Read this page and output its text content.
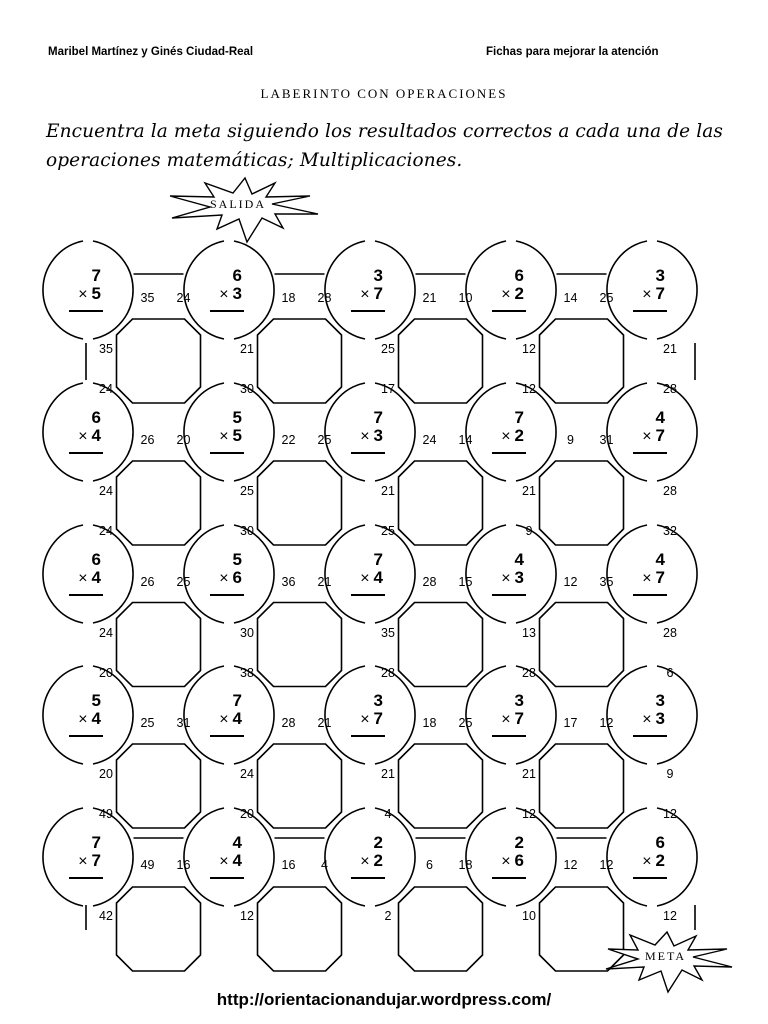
Maribel Martínez y Ginés Ciudad-Real	Fichas para mejorar la atención
LABERINTO CON OPERACIONES
Encuentra la meta siguiendo los resultados correctos a cada una de las
operaciones matemáticas; Multiplicaciones.
SALIDA
META
7
× 5
6
× 3
3
× 7
6
× 2
3
× 7
6
× 4
5
× 5
7
× 3
7
× 2
4
× 7
6
× 4
5
× 6
7
× 4
4
× 3
4
× 7
5
× 4
7
× 4
3
× 7
3
× 7
3
× 3
7
× 7
4
× 4
2
× 2
2
× 6
6
× 2
35	24	18	28	21	10	14	25
26	20	22	25	24	14	9	31
26	25	36	21	28	15	12	35
25	31	28	21	18	25	17	12
49	16	16	4	6	18	12	12
35
24
21
30
25
17
12
12
21
28
24
24
25
30
21
25
21
9
28
32
24
20
30
38
35
28
13
28
28
6
20
49
24
20
21
4
21
12
9
12
42	12	2	10	12
http://orientacionandujar.wordpress.com/
